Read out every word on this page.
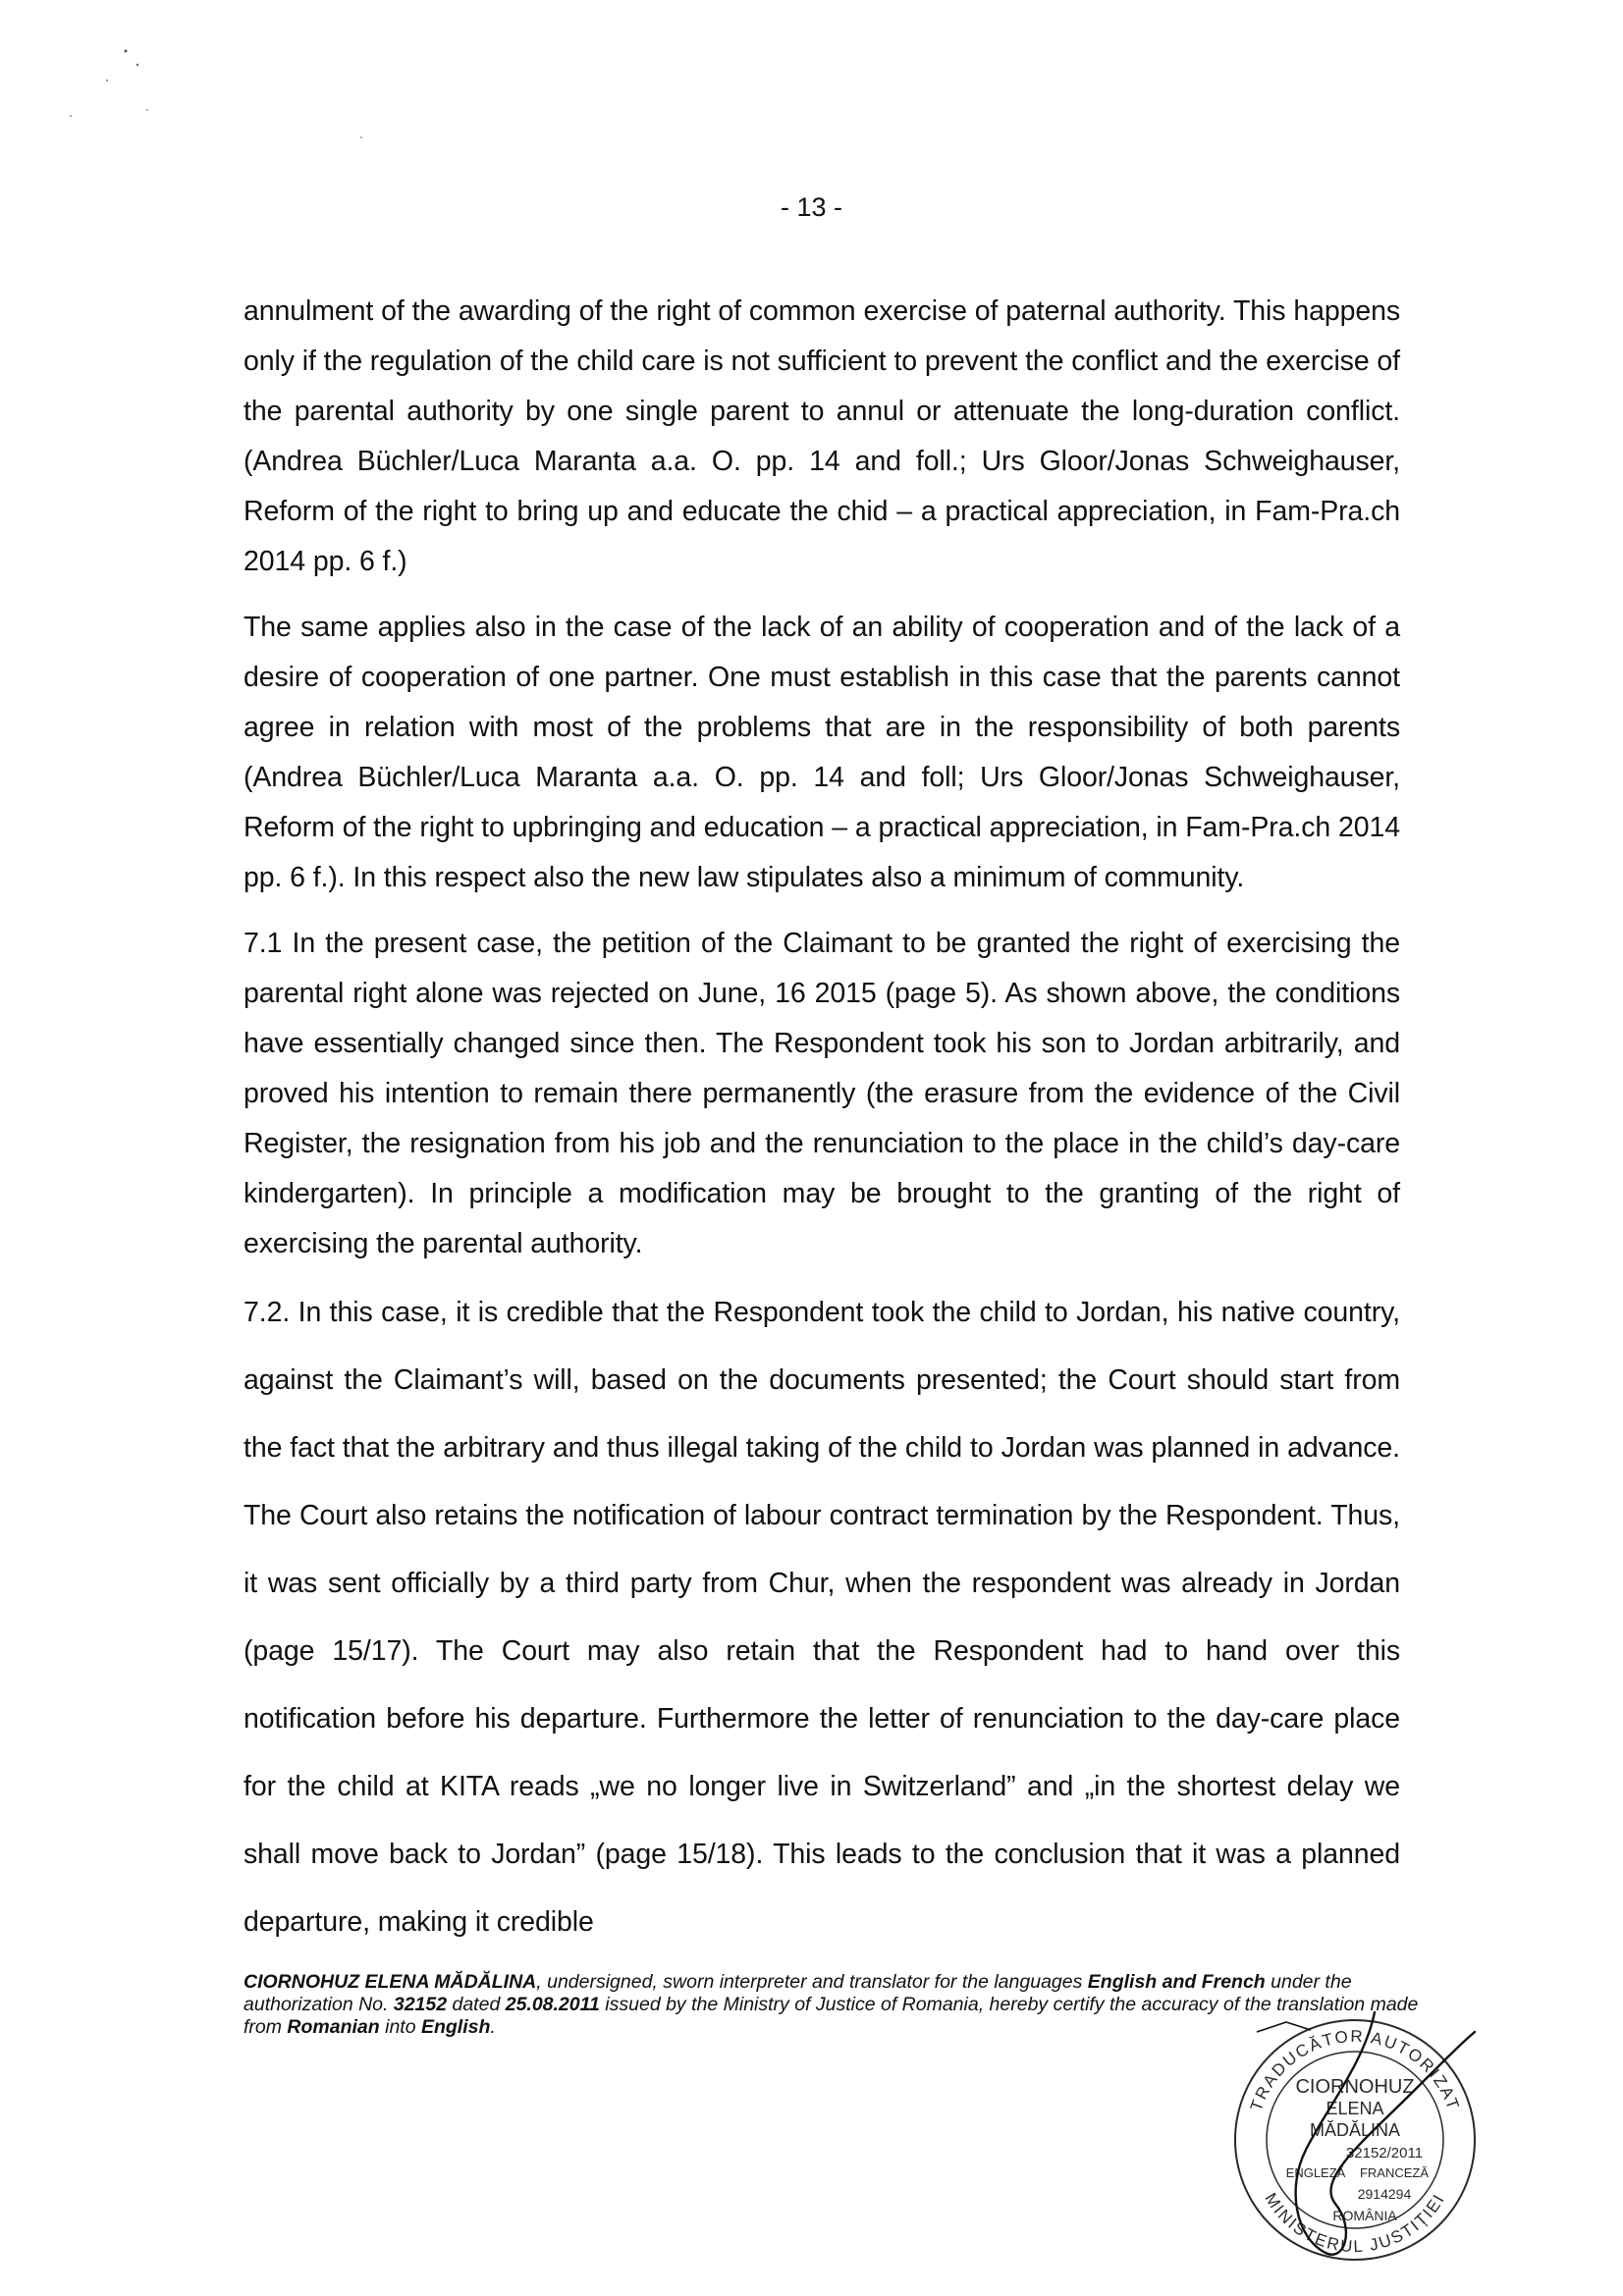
- 13 -

annulment of the awarding of the right of common exercise of paternal authority. This happens only if the regulation of the child care is not sufficient to prevent the conflict and the exercise of the parental authority by one single parent to annul or attenuate the long-duration conflict. (Andrea Büchler/Luca Maranta a.a. O. pp. 14 and foll.; Urs Gloor/Jonas Schweighauser, Reform of the right to bring up and educate the chid – a practical appreciation, in Fam-Pra.ch 2014 pp. 6 f.)

The same applies also in the case of the lack of an ability of cooperation and of the lack of a desire of cooperation of one partner. One must establish in this case that the parents cannot agree in relation with most of the problems that are in the responsibility of both parents (Andrea Büchler/Luca Maranta a.a. O. pp. 14 and foll; Urs Gloor/Jonas Schweighauser, Reform of the right to upbringing and education – a practical appreciation, in Fam-Pra.ch 2014 pp. 6 f.). In this respect also the new law stipulates also a minimum of community.

7.1 In the present case, the petition of the Claimant to be granted the right of exercising the parental right alone was rejected on June, 16 2015 (page 5). As shown above, the conditions have essentially changed since then. The Respondent took his son to Jordan arbitrarily, and proved his intention to remain there permanently (the erasure from the evidence of the Civil Register, the resignation from his job and the renunciation to the place in the child’s day-care kindergarten). In principle a modification may be brought to the granting of the right of exercising the parental authority.

7.2. In this case, it is credible that the Respondent took the child to Jordan, his native country, against the Claimant’s will, based on the documents presented; the Court should start from the fact that the arbitrary and thus illegal taking of the child to Jordan was planned in advance. The Court also retains the notification of labour contract termination by the Respondent. Thus, it was sent officially by a third party from Chur, when the respondent was already in Jordan (page 15/17). The Court may also retain that the Respondent had to hand over this notification before his departure. Furthermore the letter of renunciation to the day-care place for the child at KITA reads „we no longer live in Switzerland” and „in the shortest delay we shall move back to Jordan” (page 15/18). This leads to the conclusion that it was a planned departure, making it credible

CIORNOHUZ ELENA MĂDĂLINA, undersigned, sworn interpreter and translator for the languages English and French under the authorization No. 32152 dated 25.08.2011 issued by the Ministry of Justice of Romania, hereby certify the accuracy of the translation made from Romanian into English.
TRADUCĂTOR AUTORIZAT
MINISTERUL JUSTIȚIEI
CIORNOHUZ
ELENA
MĂDĂLINA
32152/2011
ENGLEZĂ FRANCEZĂ
2914294
ROMÂNIA
